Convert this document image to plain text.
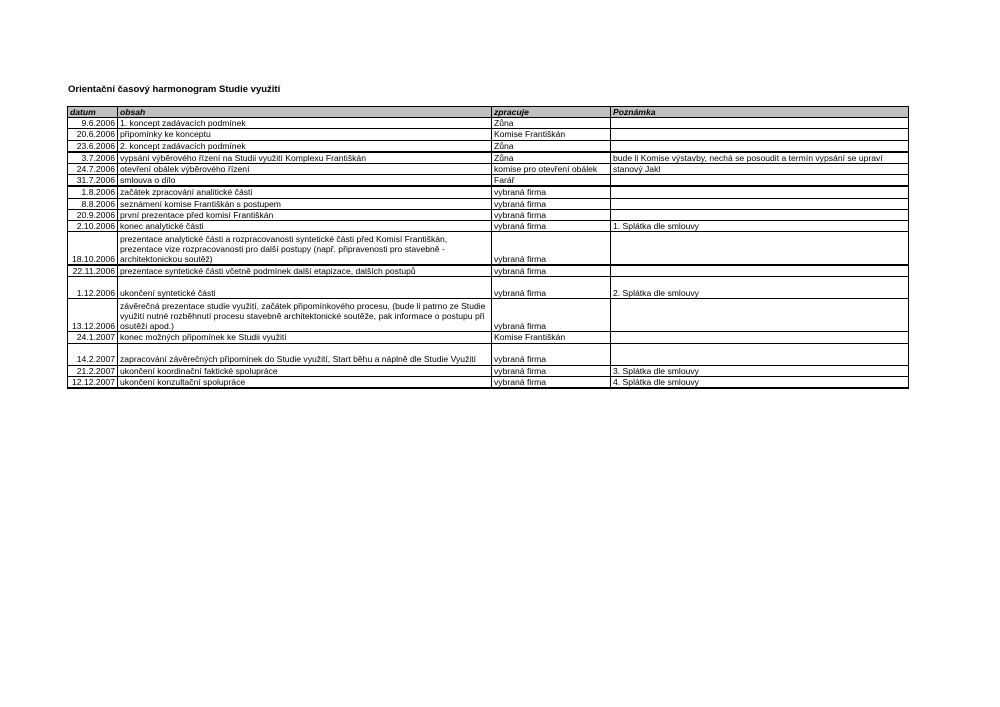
Orientační časový harmonogram Studie využití
datum	obsah	zpracuje	Poznámka
9.6.2006	1. koncept zadávacích podmínek	Zůna	
20.6.2006	připomínky ke konceptu	Komise Františkán	
23.6.2006	2. koncept zadávacích podmínek	Zůna	
3.7.2006	vypsání výběrového řízení na Studii využití Komplexu Františkán	Zůna	bude li Komise výstavby, nechá se posoudit a termín vypsání se upraví
24.7.2006	otevření obálek výběrového řízení	komise pro otevření obálek	stanový Jakl
31.7.2006	smlouva o dílo	Farář	
1.8.2006	začátek zpracování analitické části	vybraná firma	
8.8.2006	seznámení komise Františkán s postupem	vybraná firma	
20.9.2006	první prezentace před komisí Františkán	vybraná firma	
2.10.2006	konec analytické části	vybraná firma	1. Splátka dle smlouvy
18.10.2006	prezentace analytické části a rozpracovanosti syntetické části před Komisí Františkán, prezentace vize rozpracovanosti pro další postupy (např. připravenosti pro stavebně - architektonickou soutěž)	vybraná firma	
22.11.2006	prezentace syntetické části včetně podmínek další etapizace, dalších postupů	vybraná firma	
1.12.2006	ukončení syntetické části	vybraná firma	2. Splátka dle smlouvy
13.12.2006	závěrečná prezentace studie využití, začátek připomínkového procesu, (bude li patrno ze Studie využití nutné rozběhnutí procesu stavebně architektonické soutěže, pak informace o postupu při osutěži apod.)	vybraná firma	
24.1.2007	konec možných připomínek ke Studii využití	Komise Františkán	
14.2.2007	zapracování závěrečných připomínek do Studie využití, Start běhu a náplně dle Studie Využití	vybraná firma	
21.2.2007	ukončení koordinační faktické spolupráce	vybraná firma	3. Splátka dle smlouvy
12.12.2007	ukončení konzultační spolupráce	vybraná firma	4. Splátka dle smlouvy
